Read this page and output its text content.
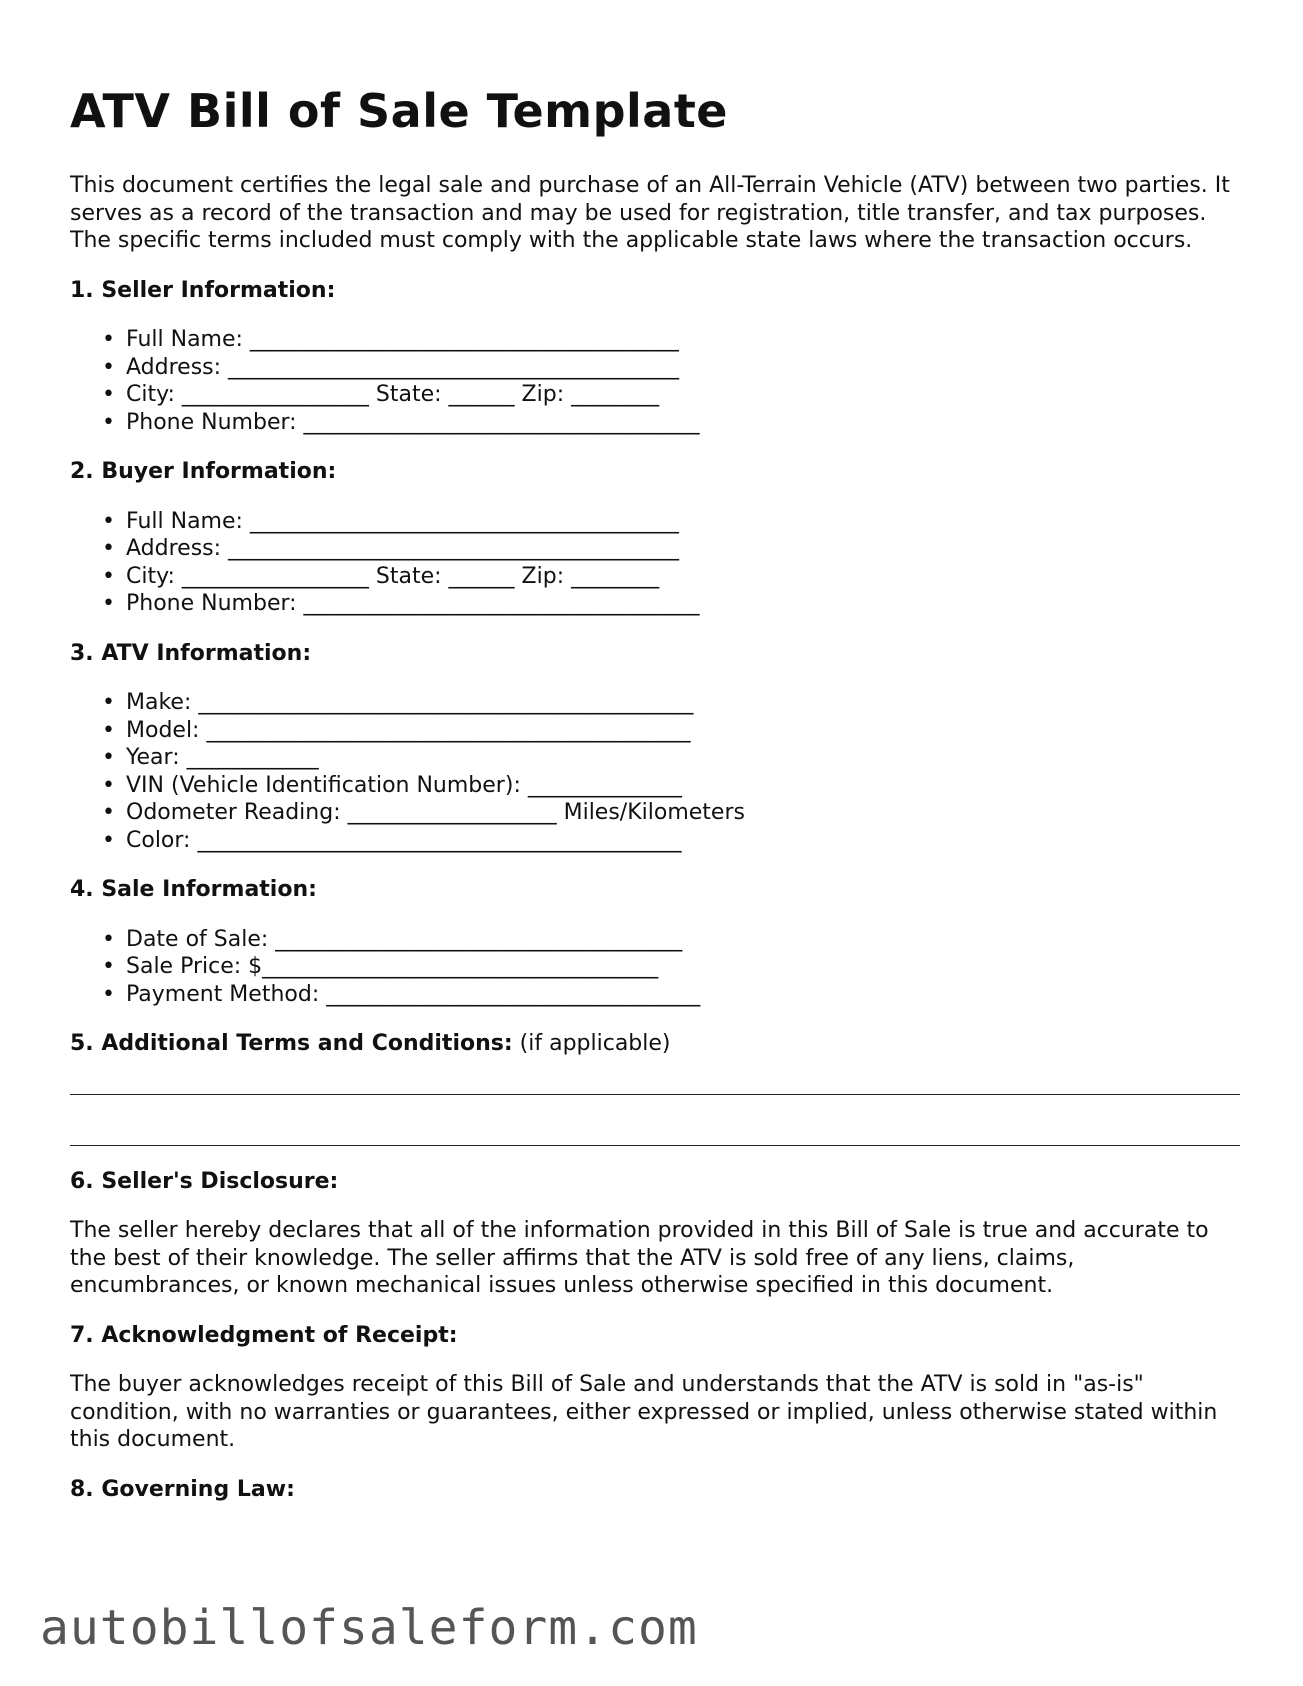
ATV Bill of Sale Template

This document certifies the legal sale and purchase of an All-Terrain Vehicle (ATV) between two parties. It serves as a record of the transaction and may be used for registration, title transfer, and tax purposes. The specific terms included must comply with the applicable state laws where the transaction occurs.

1. Seller Information:
• Full Name: _______________________________________
• Address: _________________________________________
• City: _________________ State: ______ Zip: ________
• Phone Number: ____________________________________
2. Buyer Information:
• Full Name: _______________________________________
• Address: _________________________________________
• City: _________________ State: ______ Zip: ________
• Phone Number: ____________________________________
3. ATV Information:
• Make: _____________________________________________
• Model: ____________________________________________
• Year: ____________
• VIN (Vehicle Identification Number): ______________
• Odometer Reading: ___________________ Miles/Kilometers
• Color: ____________________________________________
4. Sale Information:
• Date of Sale: _____________________________________
• Sale Price: $____________________________________
• Payment Method: __________________________________
5. Additional Terms and Conditions: (if applicable)
6. Seller's Disclosure:

The seller hereby declares that all of the information provided in this Bill of Sale is true and accurate to the best of their knowledge. The seller affirms that the ATV is sold free of any liens, claims, encumbrances, or known mechanical issues unless otherwise specified in this document.

7. Acknowledgment of Receipt:

The buyer acknowledges receipt of this Bill of Sale and understands that the ATV is sold in "as-is" condition, with no warranties or guarantees, either expressed or implied, unless otherwise stated within this document.

8. Governing Law:
autobillofsaleform.com
